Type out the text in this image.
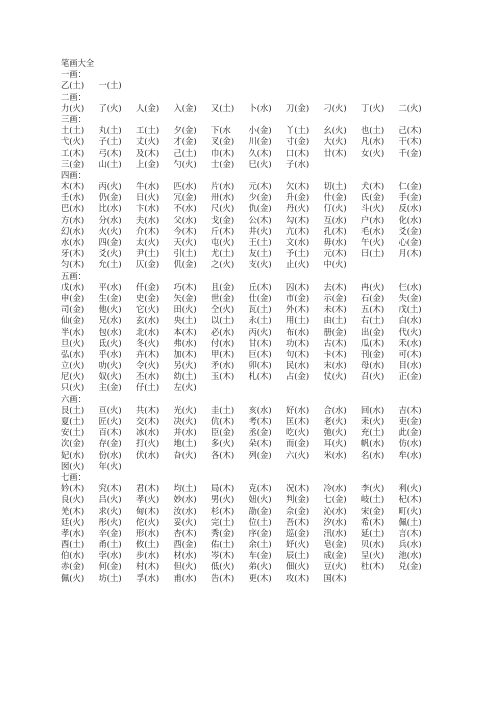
笔画大全
一画：
乙(土)	一(土)
二画：
力(火)	了(火)	人(金)	入(金)	又(土)	卜(水)	刀(金)	刁(火)	丁(火)	二(火)
三画：
土(土)	丸(土)	工(土)	夕(金)	下(水	小(金)	丫(土)	幺(火)	也(土)	己(木)
弋(火)	子(土)	丈(火)	才(金)	叉(金)	川(金)	寸(金)	大(火)	凡(水)	干(木)
工(木)	弓(木)	及(木)	己(土)	巾(木)	久(木)	口(木)	廿(木)	女(火)	千(金)
三(金)	山(土)	上(金)	勺(火)	士(金)	巳(火)	子(水)
四画：
木(木)	丙(火)	牛(水)	匹(水)	片(水)	元(木)	欠(木)	切(土)	犬(木)	仁(金)
壬(水)	仍(金)	日(火)	冗(金)	卅(水)	少(金)	升(金)	什(金)	氏(金)	手(金)
巴(水)	比(水)	卞(水)	不(水)	尺(火)	仇(金)	丹(火)	仃(火)	斗(火)	反(水)
方(水)	分(水)	夫(水)	父(水)	戈(金)	公(木)	勾(木)	互(水)	户(水)	化(水)
幻(水)	火(火)	介(木)	今(木)	斤(木)	井(火)	亢(木)	孔(木)	毛(水)	爻(金)
水(水)	四(金)	太(火)	天(火)	屯(火)	王(土)	文(水)	毋(水)	午(火)	心(金)
牙(木)	爻(火)	尹(土)	引(土)	尤(土)	友(土)	予(土)	元(木)	曰(土)	月(木)
匀(木)	允(土)	仄(金)	仉(金)	之(火)	支(火)	止(火)	中(火)
五画：
戊(水)	平(水)	仟(金)	巧(木)	且(金)	丘(木)	囚(木)	去(木)	冉(火)	仨(水)
申(金)	生(金)	史(金)	矢(金)	世(金)	仕(金)	市(金)	示(金)	石(金)	失(金)
司(金)	他(火)	它(火)	田(火)	仝(火)	瓦(土)	外(木)	未(木)	五(木)	戊(土)
仙(金)	兄(水)	玄(水)	央(土)	以(土)	永(土)	用(土)	由(土)	右(土)	白(水)
半(水)	包(水)	北(水)	本(木)	必(水)	丙(火)	布(水)	册(金)	出(金)	代(火)
旦(火)	氐(火)	冬(火)	弗(水)	付(水)	甘(木)	功(木)	古(木)	瓜(木)	禾(水)
弘(水)	乎(水)	卉(木)	加(木)	甲(木)	巨(木)	句(木)	卡(木)	刊(金)	可(木)
立(火)	叻(火)	令(火)	另(火)	矛(水)	卯(木)	民(水)	末(水)	母(水)	目(水)
尼(火)	奴(火)	丕(水)	幼(土)	玉(木)	札(木)	占(金)	仗(火)	召(火)	正(金)
只(火)	主(金)	仔(土)	左(火)
六画：
艮(土)	亘(火)	共(木)	光(火)	圭(土)	亥(水)	好(水)	合(水)	回(水)	吉(木)
夏(土)	匠(火)	交(木)	决(火)	伉(木)	考(木)	匡(木)	老(火)	耒(火)	吏(金)
安(土)	百(木)	冰(水)	并(水)	臣(金)	丞(金)	吃(火)	弛(火)	充(土)	此(金)
次(金)	存(金)	打(火)	地(土)	多(火)	朵(木)	而(金)	耳(火)	帆(水)	仿(水)
妃(水)	份(水)	伏(水)	旮(火)	各(木)	列(金)	六(火)	米(水)	名(水)	牟(水)
囡(火)	年(火)
七画：
妗(木)	究(木)	君(木)	均(土)	局(木)	克(木)	况(木)	冷(水)	李(火)	利(火)
良(火)	吕(火)	孝(火)	妙(水)	男(火)	妞(火)	判(金)	七(金)	岐(土)	杞(木)
羌(木)	求(火)	甸(木)	汝(水)	杉(木)	劭(金)	佘(金)	沁(水)	宋(金)	町(火)
廷(火)	彤(火)	佗(火)	妥(火)	完(土)	位(土)	吾(木)	汐(水)	希(木)	佩(土)
孝(水)	辛(金)	形(水)	杏(木)	秀(金)	序(金)	巡(金)	汛(水)	延(土)	言(木)
酉(土)	甬(土)	攸(土)	酉(金)	佑(土)	余(土)	妤(火)	皂(金)	贝(水)	兵(水)
伯(水)	孛(水)	步(水)	材(水)	岑(木)	车(金)	辰(土)	成(金)	呈(火)	池(水)
赤(金)	何(金)	村(木)	但(火)	低(火)	弟(火)	佃(火)	豆(火)	杜(木)	兑(金)
佩(火)	坊(土)	孚(水)	甫(水)	告(木)	更(木)	攻(木)	国(木)
